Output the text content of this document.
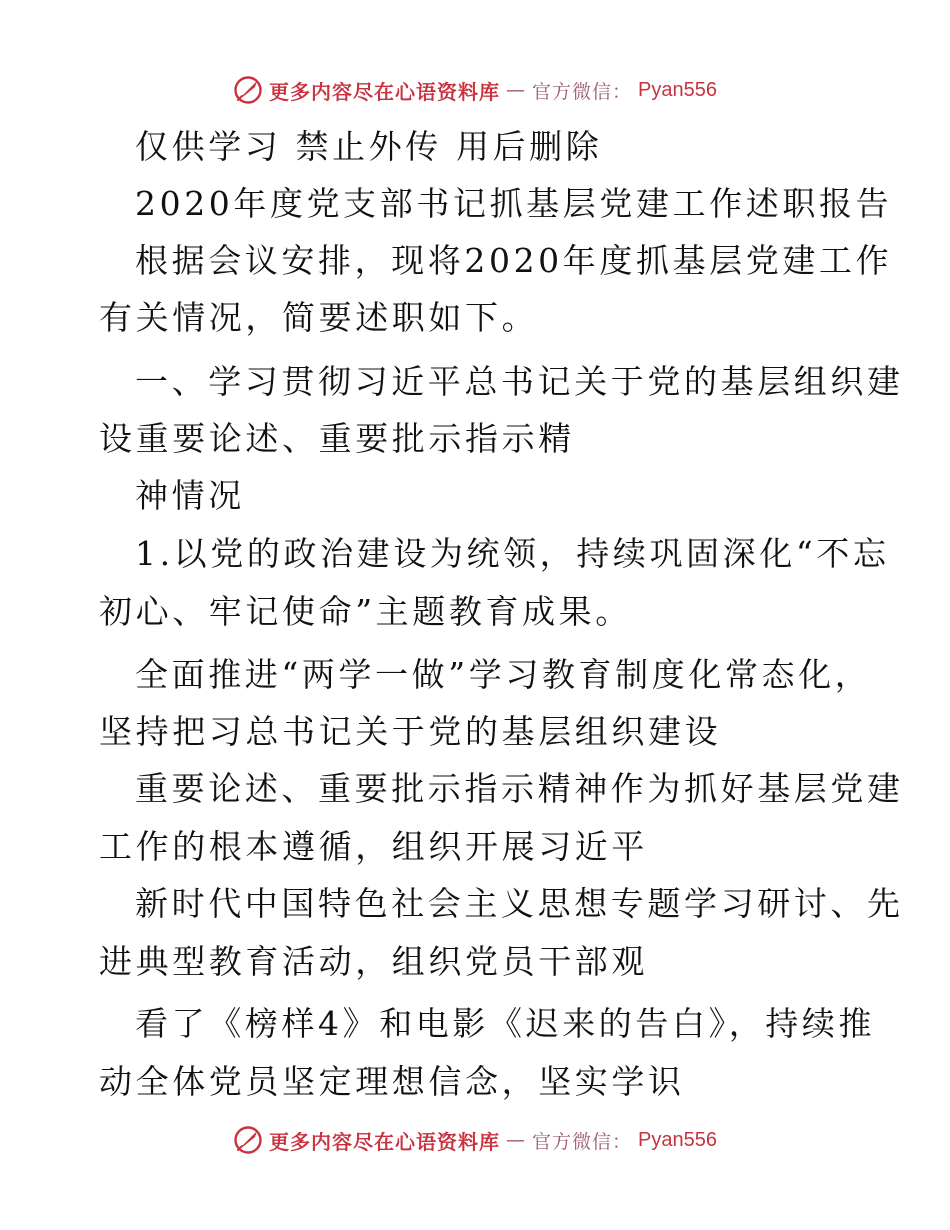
更多内容尽在心语资料库 — 官方微信： Pyan556
仅供学习 禁止外传 用后删除
2020年度党支部书记抓基层党建工作述职报告
根据会议安排，现将2020年度抓基层党建工作
有关情况，简要述职如下。
一、学习贯彻习近平总书记关于党的基层组织建
设重要论述、重要批示指示精
神情况
1.以党的政治建设为统领，持续巩固深化“不忘
初心、牢记使命”主题教育成果。
全面推进“两学一做”学习教育制度化常态化，
坚持把习总书记关于党的基层组织建设
重要论述、重要批示指示精神作为抓好基层党建
工作的根本遵循，组织开展习近平
新时代中国特色社会主义思想专题学习研讨、先
进典型教育活动，组织党员干部观
看了《榜样4》和电影《迟来的告白》，持续推
动全体党员坚定理想信念，坚实学识
更多内容尽在心语资料库 — 官方微信： Pyan556
